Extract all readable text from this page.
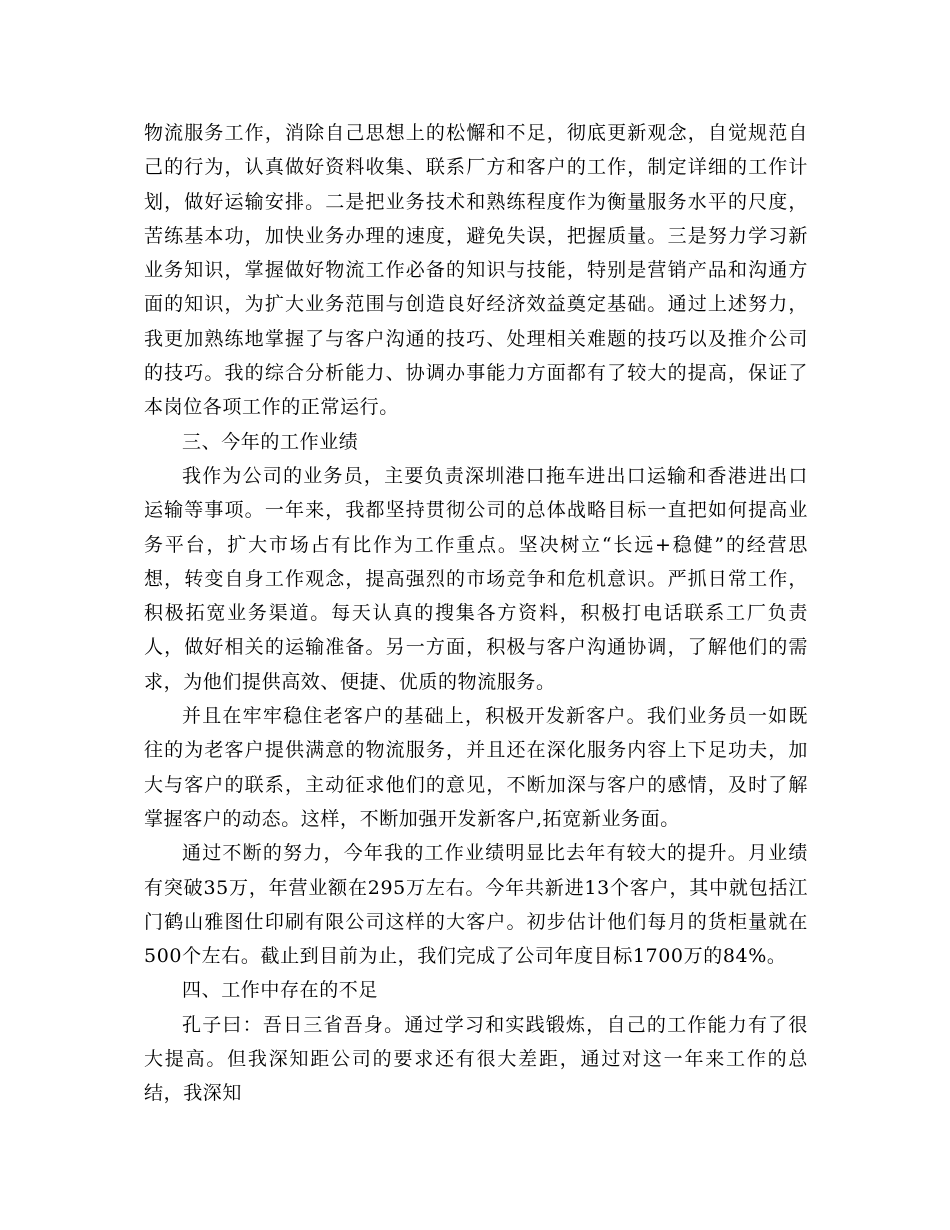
物流服务工作，消除自己思想上的松懈和不足，彻底更新观念，自觉规范自己的行为，认真做好资料收集、联系厂方和客户的工作，制定详细的工作计划，做好运输安排。二是把业务技术和熟练程度作为衡量服务水平的尺度，苦练基本功，加快业务办理的速度，避免失误，把握质量。三是努力学习新业务知识，掌握做好物流工作必备的知识与技能，特别是营销产品和沟通方面的知识，为扩大业务范围与创造良好经济效益奠定基础。通过上述努力，我更加熟练地掌握了与客户沟通的技巧、处理相关难题的技巧以及推介公司的技巧。我的综合分析能力、协调办事能力方面都有了较大的提高，保证了本岗位各项工作的正常运行。

三、今年的工作业绩

我作为公司的业务员，主要负责深圳港口拖车进出口运输和香港进出口运输等事项。一年来，我都坚持贯彻公司的总体战略目标一直把如何提高业务平台，扩大市场占有比作为工作重点。坚决树立“长远+稳健”的经营思想，转变自身工作观念，提高强烈的市场竞争和危机意识。严抓日常工作，积极拓宽业务渠道。每天认真的搜集各方资料，积极打电话联系工厂负责人，做好相关的运输准备。另一方面，积极与客户沟通协调，了解他们的需求，为他们提供高效、便捷、优质的物流服务。

并且在牢牢稳住老客户的基础上，积极开发新客户。我们业务员一如既往的为老客户提供满意的物流服务，并且还在深化服务内容上下足功夫，加大与客户的联系，主动征求他们的意见，不断加深与客户的感情，及时了解掌握客户的动态。这样，不断加强开发新客户,拓宽新业务面。

通过不断的努力，今年我的工作业绩明显比去年有较大的提升。月业绩有突破35万，年营业额在295万左右。今年共新进13个客户，其中就包括江门鹤山雅图仕印刷有限公司这样的大客户。初步估计他们每月的货柜量就在500个左右。截止到目前为止，我们完成了公司年度目标1700万的84%。

四、工作中存在的不足

孔子曰：吾日三省吾身。通过学习和实践锻炼，自己的工作能力有了很大提高。但我深知距公司的要求还有很大差距，通过对这一年来工作的总结，我深知
